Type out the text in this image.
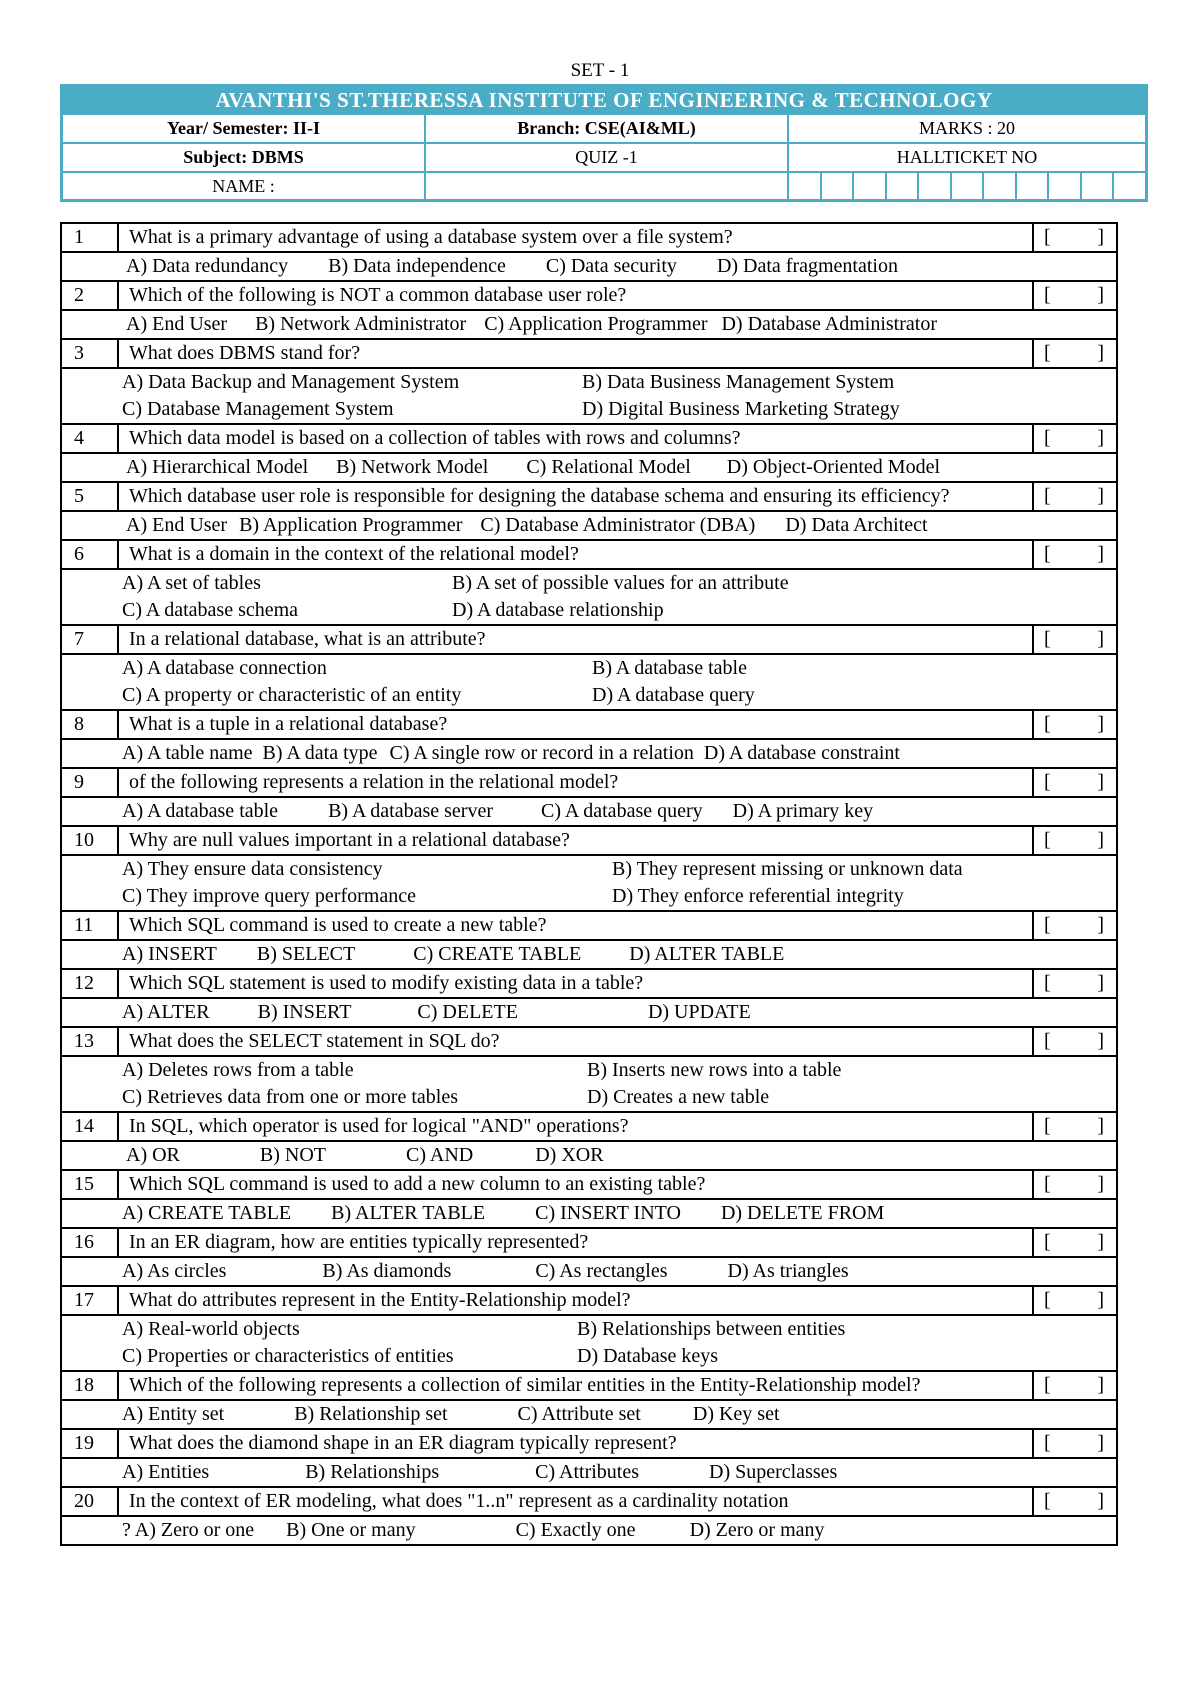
SET - 1
AVANTHI'S ST.THERESSA INSTITUTE OF ENGINEERING & TECHNOLOGY
Year/ Semester: II-I	Branch: CSE(AI&ML)	MARKS : 20
Subject: DBMS	QUIZ -1	HALLTICKET NO
NAME :
1	What is a primary advantage of using a database system over a file system?	[ ]
A) Data redundancy B) Data independence C) Data security D) Data fragmentation
2	Which of the following is NOT a common database user role?	[ ]
A) End User B) Network Administrator C) Application Programmer D) Database Administrator
3	What does DBMS stand for?	[ ]
A) Data Backup and Management System	B) Data Business Management System
C) Database Management System	D) Digital Business Marketing Strategy
4	Which data model is based on a collection of tables with rows and columns?	[ ]
A) Hierarchical Model B) Network Model C) Relational Model D) Object-Oriented Model
5	Which database user role is responsible for designing the database schema and ensuring its efficiency?	[ ]
A) End User B) Application Programmer C) Database Administrator (DBA) D) Data Architect
6	What is a domain in the context of the relational model?	[ ]
A) A set of tables	B) A set of possible values for an attribute
C) A database schema	D) A database relationship
7	In a relational database, what is an attribute?	[ ]
A) A database connection	B) A database table
C) A property or characteristic of an entity	D) A database query
8	What is a tuple in a relational database?	[ ]
A) A table name B) A data type C) A single row or record in a relation D) A database constraint
9	of the following represents a relation in the relational model?	[ ]
A) A database table	B) A database server C) A database query D) A primary key
10	Why are null values important in a relational database?	[ ]
A) They ensure data consistency	B) They represent missing or unknown data
C) They improve query performance	D) They enforce referential integrity
11	Which SQL command is used to create a new table?	[ ]
A) INSERT B) SELECT	C) CREATE TABLE D) ALTER TABLE
12	Which SQL statement is used to modify existing data in a table?	[ ]
A) ALTER B) INSERT	C) DELETE	D) UPDATE
13	What does the SELECT statement in SQL do?	[ ]
A) Deletes rows from a table	B) Inserts new rows into a table
C) Retrieves data from one or more tables	D) Creates a new table
14	In SQL, which operator is used for logical "AND" operations?	[ ]
A) OR	B) NOT	C) AND	D) XOR
15	Which SQL command is used to add a new column to an existing table?	[ ]
A) CREATE TABLE B) ALTER TABLE	C) INSERT INTO D) DELETE FROM
16	In an ER diagram, how are entities typically represented?	[ ]
A) As circles	B) As diamonds	C) As rectangles	D) As triangles
17	What do attributes represent in the Entity-Relationship model?	[ ]
A) Real-world objects	B) Relationships between entities
C) Properties or characteristics of entities	D) Database keys
18	Which of the following represents a collection of similar entities in the Entity-Relationship model?	[ ]
A) Entity set	B) Relationship set	C) Attribute set	D) Key set
19	What does the diamond shape in an ER diagram typically represent?	[ ]
A) Entities	B) Relationships	C) Attributes	D) Superclasses
20	In the context of ER modeling, what does "1..n" represent as a cardinality notation	[ ]
? A) Zero or one B) One or many	C) Exactly one	D) Zero or many
